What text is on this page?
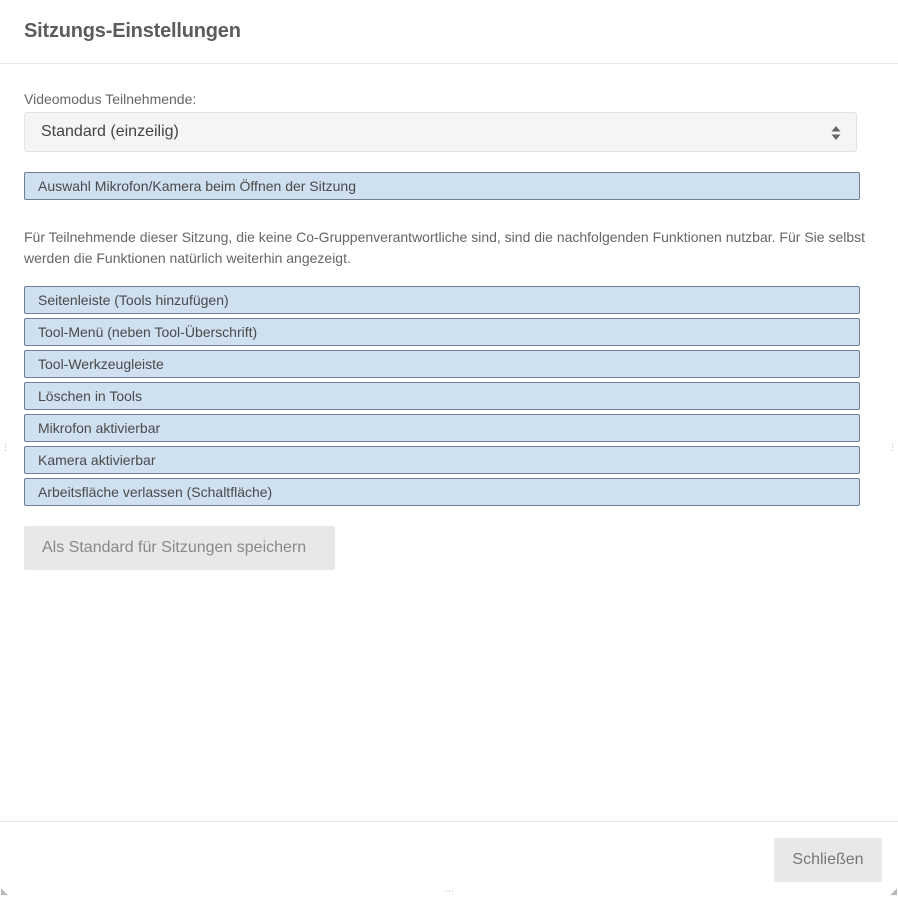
Sitzungs-Einstellungen
Videomodus Teilnehmende:
Standard (einzeilig)
Auswahl Mikrofon/Kamera beim Öffnen der Sitzung
Für Teilnehmende dieser Sitzung, die keine Co-Gruppenverantwortliche sind, sind die nachfolgenden Funktionen nutzbar. Für Sie selbst werden die Funktionen natürlich weiterhin angezeigt.
Seitenleiste (Tools hinzufügen)
Tool-Menü (neben Tool-Überschrift)
Tool-Werkzeugleiste
Löschen in Tools
Mikrofon aktivierbar
Kamera aktivierbar
Arbeitsfläche verlassen (Schaltfläche)
Als Standard für Sitzungen speichern
Schließen
⋮	⋮
⋯
◣	◢
